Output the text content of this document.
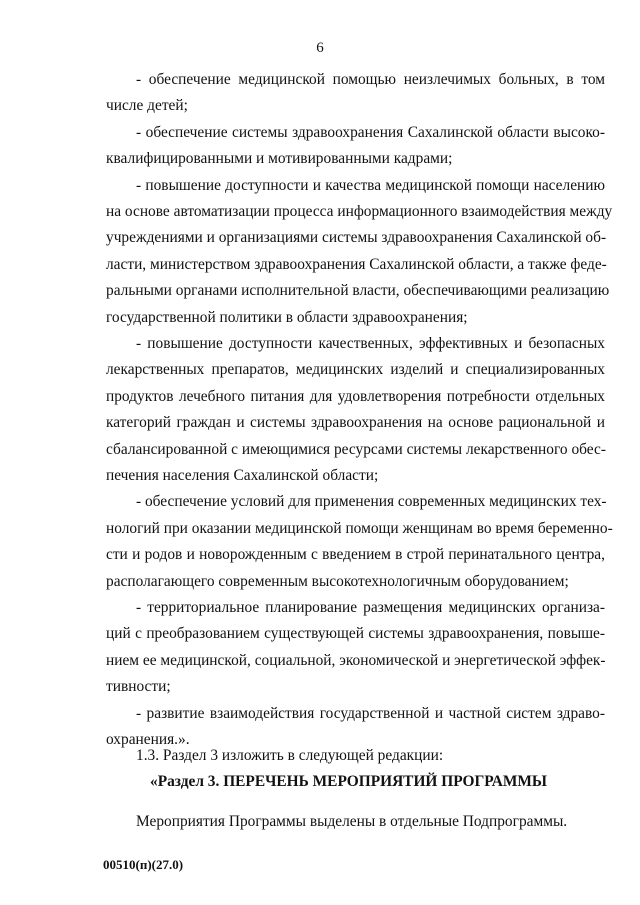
6
- обеспечение медицинской помощью неизлечимых больных, в том
числе детей;
- обеспечение системы здравоохранения Сахалинской области высоко-
квалифицированными и мотивированными кадрами;
- повышение доступности и качества медицинской помощи населению
на основе автоматизации процесса информационного взаимодействия между
учреждениями и организациями системы здравоохранения Сахалинской об-
ласти, министерством здравоохранения Сахалинской области, а также феде-
ральными органами исполнительной власти, обеспечивающими реализацию
государственной политики в области здравоохранения;
- повышение доступности качественных, эффективных и безопасных
лекарственных препаратов, медицинских изделий и специализированных
продуктов лечебного питания для удовлетворения потребности отдельных
категорий граждан и системы здравоохранения на основе рациональной и
сбалансированной с имеющимися ресурсами системы лекарственного обес-
печения населения Сахалинской области;
- обеспечение условий для применения современных медицинских тех-
нологий при оказании медицинской помощи женщинам во время беременно-
сти и родов и новорожденным с введением в строй перинатального центра,
располагающего современным высокотехнологичным оборудованием;
- территориальное планирование размещения медицинских организа-
ций с преобразованием существующей системы здравоохранения, повыше-
нием ее медицинской, социальной, экономической и энергетической эффек-
тивности;
- развитие взаимодействия государственной и частной систем здраво-
охранения.».
1.3. Раздел 3 изложить в следующей редакции:
«Раздел 3. ПЕРЕЧЕНЬ МЕРОПРИЯТИЙ ПРОГРАММЫ
Мероприятия Программы выделены в отдельные Подпрограммы.
00510(п)(27.0)
